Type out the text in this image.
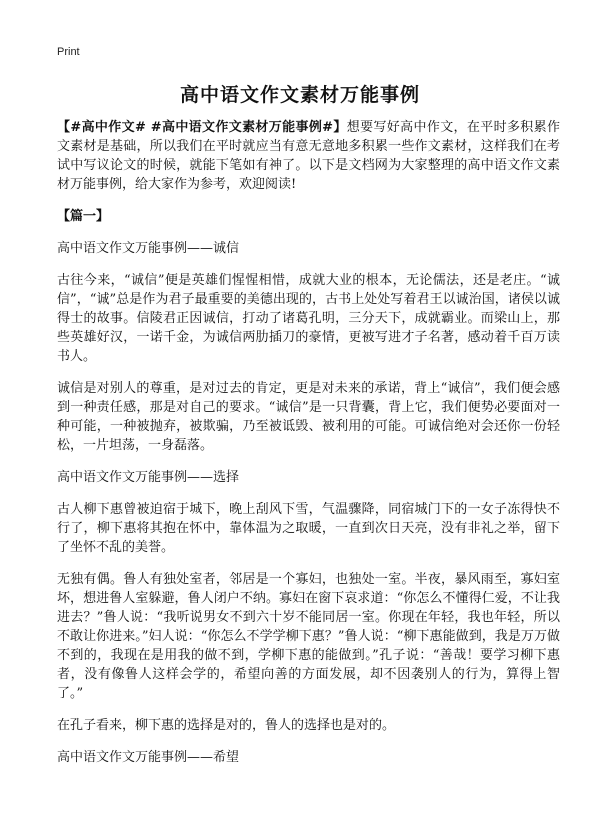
Print
高中语文作文素材万能事例

【#高中作文# #高中语文作文素材万能事例#】想要写好高中作文，在平时多积累作文素材是基础，所以我们在平时就应当有意无意地多积累一些作文素材，这样我们在考试中写议论文的时候，就能下笔如有神了。以下是文档网为大家整理的高中语文作文素材万能事例，给大家作为参考，欢迎阅读!

【篇一】

高中语文作文万能事例——诚信

古往今来，“诚信”便是英雄们惺惺相惜，成就大业的根本，无论儒法，还是老庄。“诚信”，“诚”总是作为君子最重要的美德出现的，古书上处处写着君王以诚治国，诸侯以诚得士的故事。信陵君正因诚信，打动了诸葛孔明，三分天下，成就霸业。而梁山上，那些英雄好汉，一诺千金，为诚信两肋插刀的豪情，更被写进才子名著，感动着千百万读书人。

诚信是对别人的尊重，是对过去的肯定，更是对未来的承诺，背上“诚信”，我们便会感到一种责任感，那是对自己的要求。“诚信”是一只背囊，背上它，我们便势必要面对一种可能，一种被抛弃，被欺骗，乃至被诋毁、被利用的可能。可诚信绝对会还你一份轻松，一片坦荡，一身磊落。

高中语文作文万能事例——选择

古人柳下惠曾被迫宿于城下，晚上刮风下雪，气温骤降，同宿城门下的一女子冻得快不行了，柳下惠将其抱在怀中，靠体温为之取暖，一直到次日天亮，没有非礼之举，留下了坐怀不乱的美誉。

无独有偶。鲁人有独处室者，邻居是一个寡妇，也独处一室。半夜，暴风雨至，寡妇室坏，想进鲁人室躲避，鲁人闭户不纳。寡妇在窗下哀求道：“你怎么不懂得仁爱，不让我进去？”鲁人说：“我听说男女不到六十岁不能同居一室。你现在年轻，我也年轻，所以不敢让你进来。”妇人说：“你怎么不学学柳下惠？”鲁人说：“柳下惠能做到，我是万万做不到的，我现在是用我的做不到，学柳下惠的能做到。”孔子说：“善哉！要学习柳下惠者，没有像鲁人这样会学的，希望向善的方面发展，却不因袭别人的行为，算得上智了。”

在孔子看来，柳下惠的选择是对的，鲁人的选择也是对的。

高中语文作文万能事例——希望
